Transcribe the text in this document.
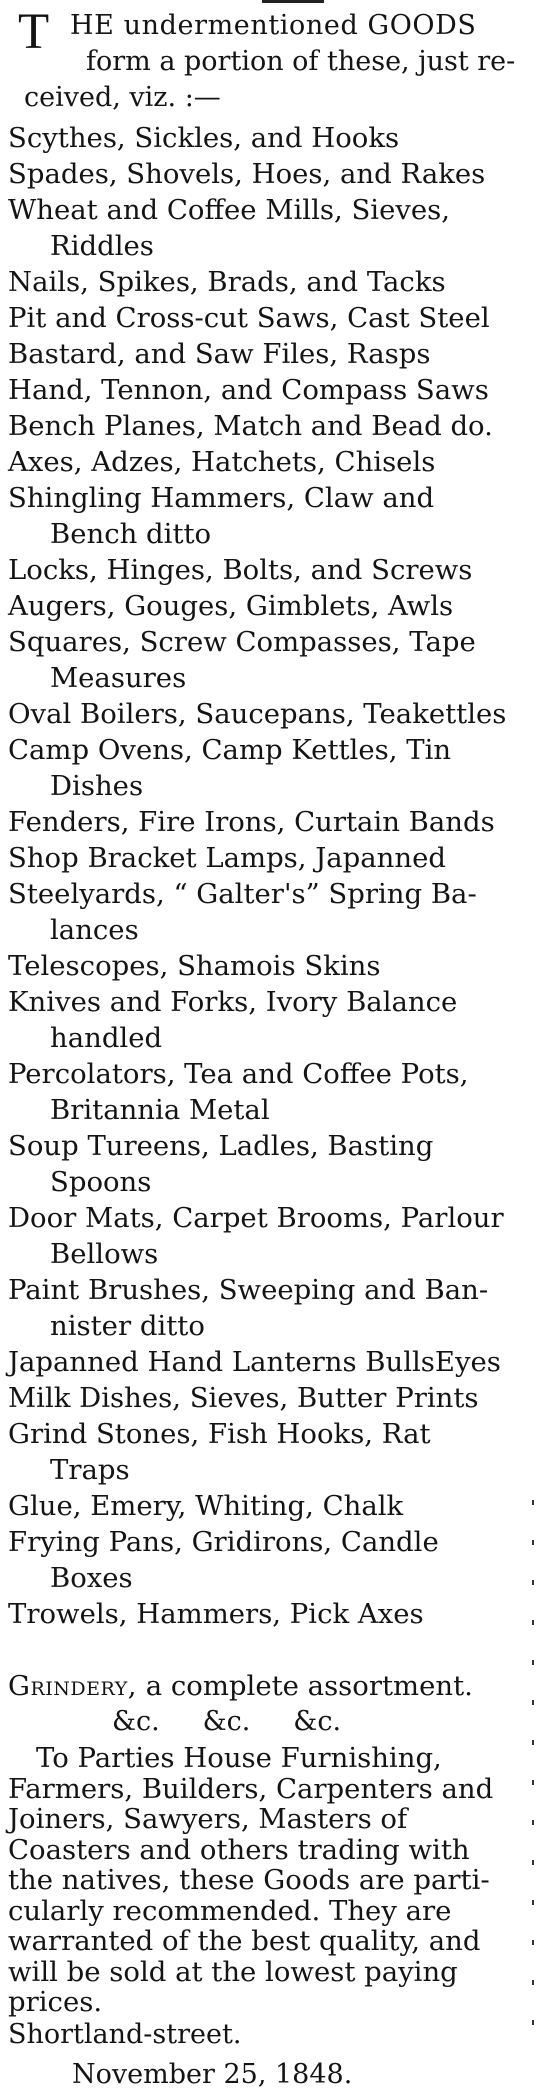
T HE undermentioned GOODS
form a portion of these, just re-
ceived, viz. :—
Scythes, Sickles, and Hooks
Spades, Shovels, Hoes, and Rakes
Wheat and Coffee Mills, Sieves,
Riddles
Nails, Spikes, Brads, and Tacks
Pit and Cross-cut Saws, Cast Steel
Bastard, and Saw Files, Rasps
Hand, Tennon, and Compass Saws
Bench Planes, Match and Bead do.
Axes, Adzes, Hatchets, Chisels
Shingling Hammers, Claw and
Bench ditto
Locks, Hinges, Bolts, and Screws
Augers, Gouges, Gimblets, Awls
Squares, Screw Compasses, Tape
Measures
Oval Boilers, Saucepans, Teakettles
Camp Ovens, Camp Kettles, Tin
Dishes
Fenders, Fire Irons, Curtain Bands
Shop Bracket Lamps, Japanned
Steelyards, “ Galter's” Spring Ba-
lances
Telescopes, Shamois Skins
Knives and Forks, Ivory Balance
handled
Percolators, Tea and Coffee Pots,
Britannia Metal
Soup Tureens, Ladles, Basting
Spoons
Door Mats, Carpet Brooms, Parlour
Bellows
Paint Brushes, Sweeping and Ban-
nister ditto
Japanned Hand Lanterns BullsEyes
Milk Dishes, Sieves, Butter Prints
Grind Stones, Fish Hooks, Rat
Traps
Glue, Emery, Whiting, Chalk
Frying Pans, Gridirons, Candle
Boxes
Trowels, Hammers, Pick Axes
Grindery, a complete assortment.
&c.     &c.     &c.
To Parties House Furnishing,
Farmers, Builders, Carpenters and
Joiners, Sawyers, Masters of
Coasters and others trading with
the natives, these Goods are parti-
cularly recommended. They are
warranted of the best quality, and
will be sold at the lowest paying
prices.
Shortland-street.
November 25, 1848.
